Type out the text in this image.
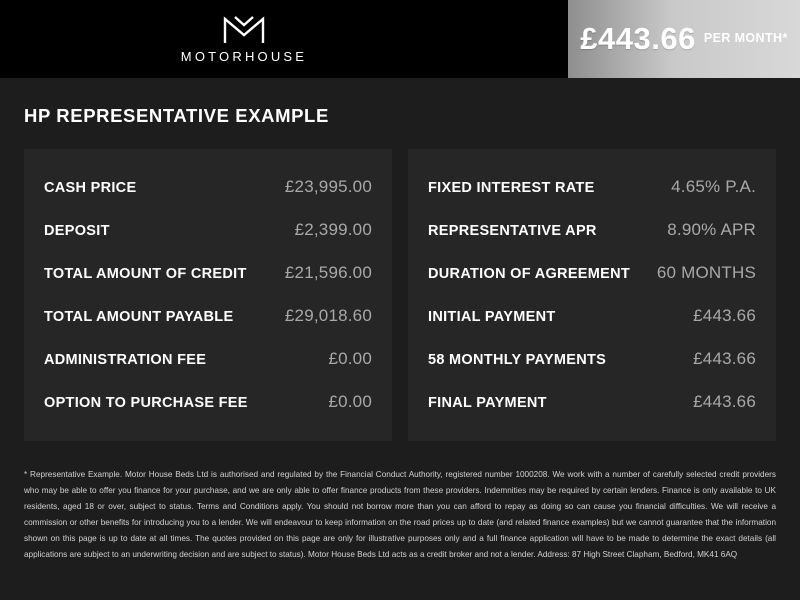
MOTORHOUSE	£443.66 PER MONTH*
HP REPRESENTATIVE EXAMPLE
CASH PRICE	£23,995.00
DEPOSIT	£2,399.00
TOTAL AMOUNT OF CREDIT £21,596.00
TOTAL AMOUNT PAYABLE	£29,018.60
ADMINISTRATION FEE	£0.00
OPTION TO PURCHASE FEE	£0.00
FIXED INTEREST RATE	4.65% P.A.
REPRESENTATIVE APR	8.90% APR
DURATION OF AGREEMENT 60 MONTHS
INITIAL PAYMENT	£443.66
58 MONTHLY PAYMENTS	£443.66
FINAL PAYMENT	£443.66

* Representative Example. Motor House Beds Ltd is authorised and regulated by the Financial Conduct Authority, registered number 1000208. We work with a number of carefully selected credit providers who may be able to offer you finance for your purchase, and we are only able to offer finance products from these providers. Indemnities may be required by certain lenders. Finance is only available to UK residents, aged 18 or over, subject to status. Terms and Conditions apply. You should not borrow more than you can afford to repay as doing so can cause you financial difficulties. We will receive a commission or other benefits for introducing you to a lender. We will endeavour to keep information on the road prices up to date (and related finance examples) but we cannot guarantee that the information shown on this page is up to date at all times. The quotes provided on this page are only for illustrative purposes only and a full finance application will have to be made to determine the exact details (all applications are subject to an underwriting decision and are subject to status). Motor House Beds Ltd acts as a credit broker and not a lender. Address: 87 High Street Clapham, Bedford, MK41 6AQ
